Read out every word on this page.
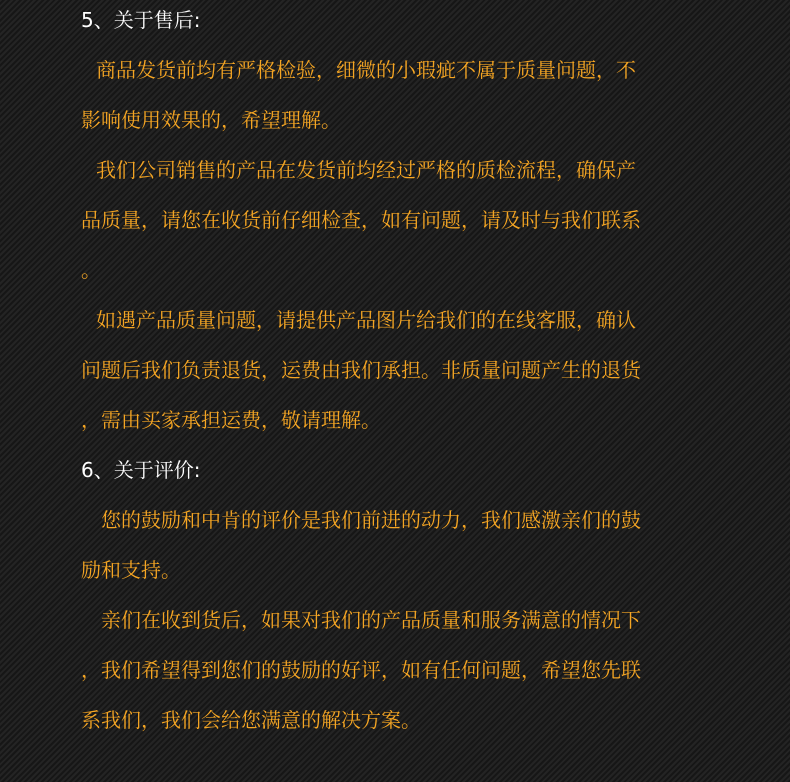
5、关于售后:
商品发货前均有严格检验，细微的小瑕疵不属于质量问题，不
影响使用效果的，希望理解。
我们公司销售的产品在发货前均经过严格的质检流程，确保产
品质量，请您在收货前仔细检查，如有问题，请及时与我们联系
。
如遇产品质量问题，请提供产品图片给我们的在线客服，确认
问题后我们负责退货，运费由我们承担。非质量问题产生的退货
，需由买家承担运费，敬请理解。
6、关于评价:
您的鼓励和中肯的评价是我们前进的动力，我们感激亲们的鼓
励和支持。
亲们在收到货后，如果对我们的产品质量和服务满意的情况下
，我们希望得到您们的鼓励的好评，如有任何问题，希望您先联
系我们，我们会给您满意的解决方案。
